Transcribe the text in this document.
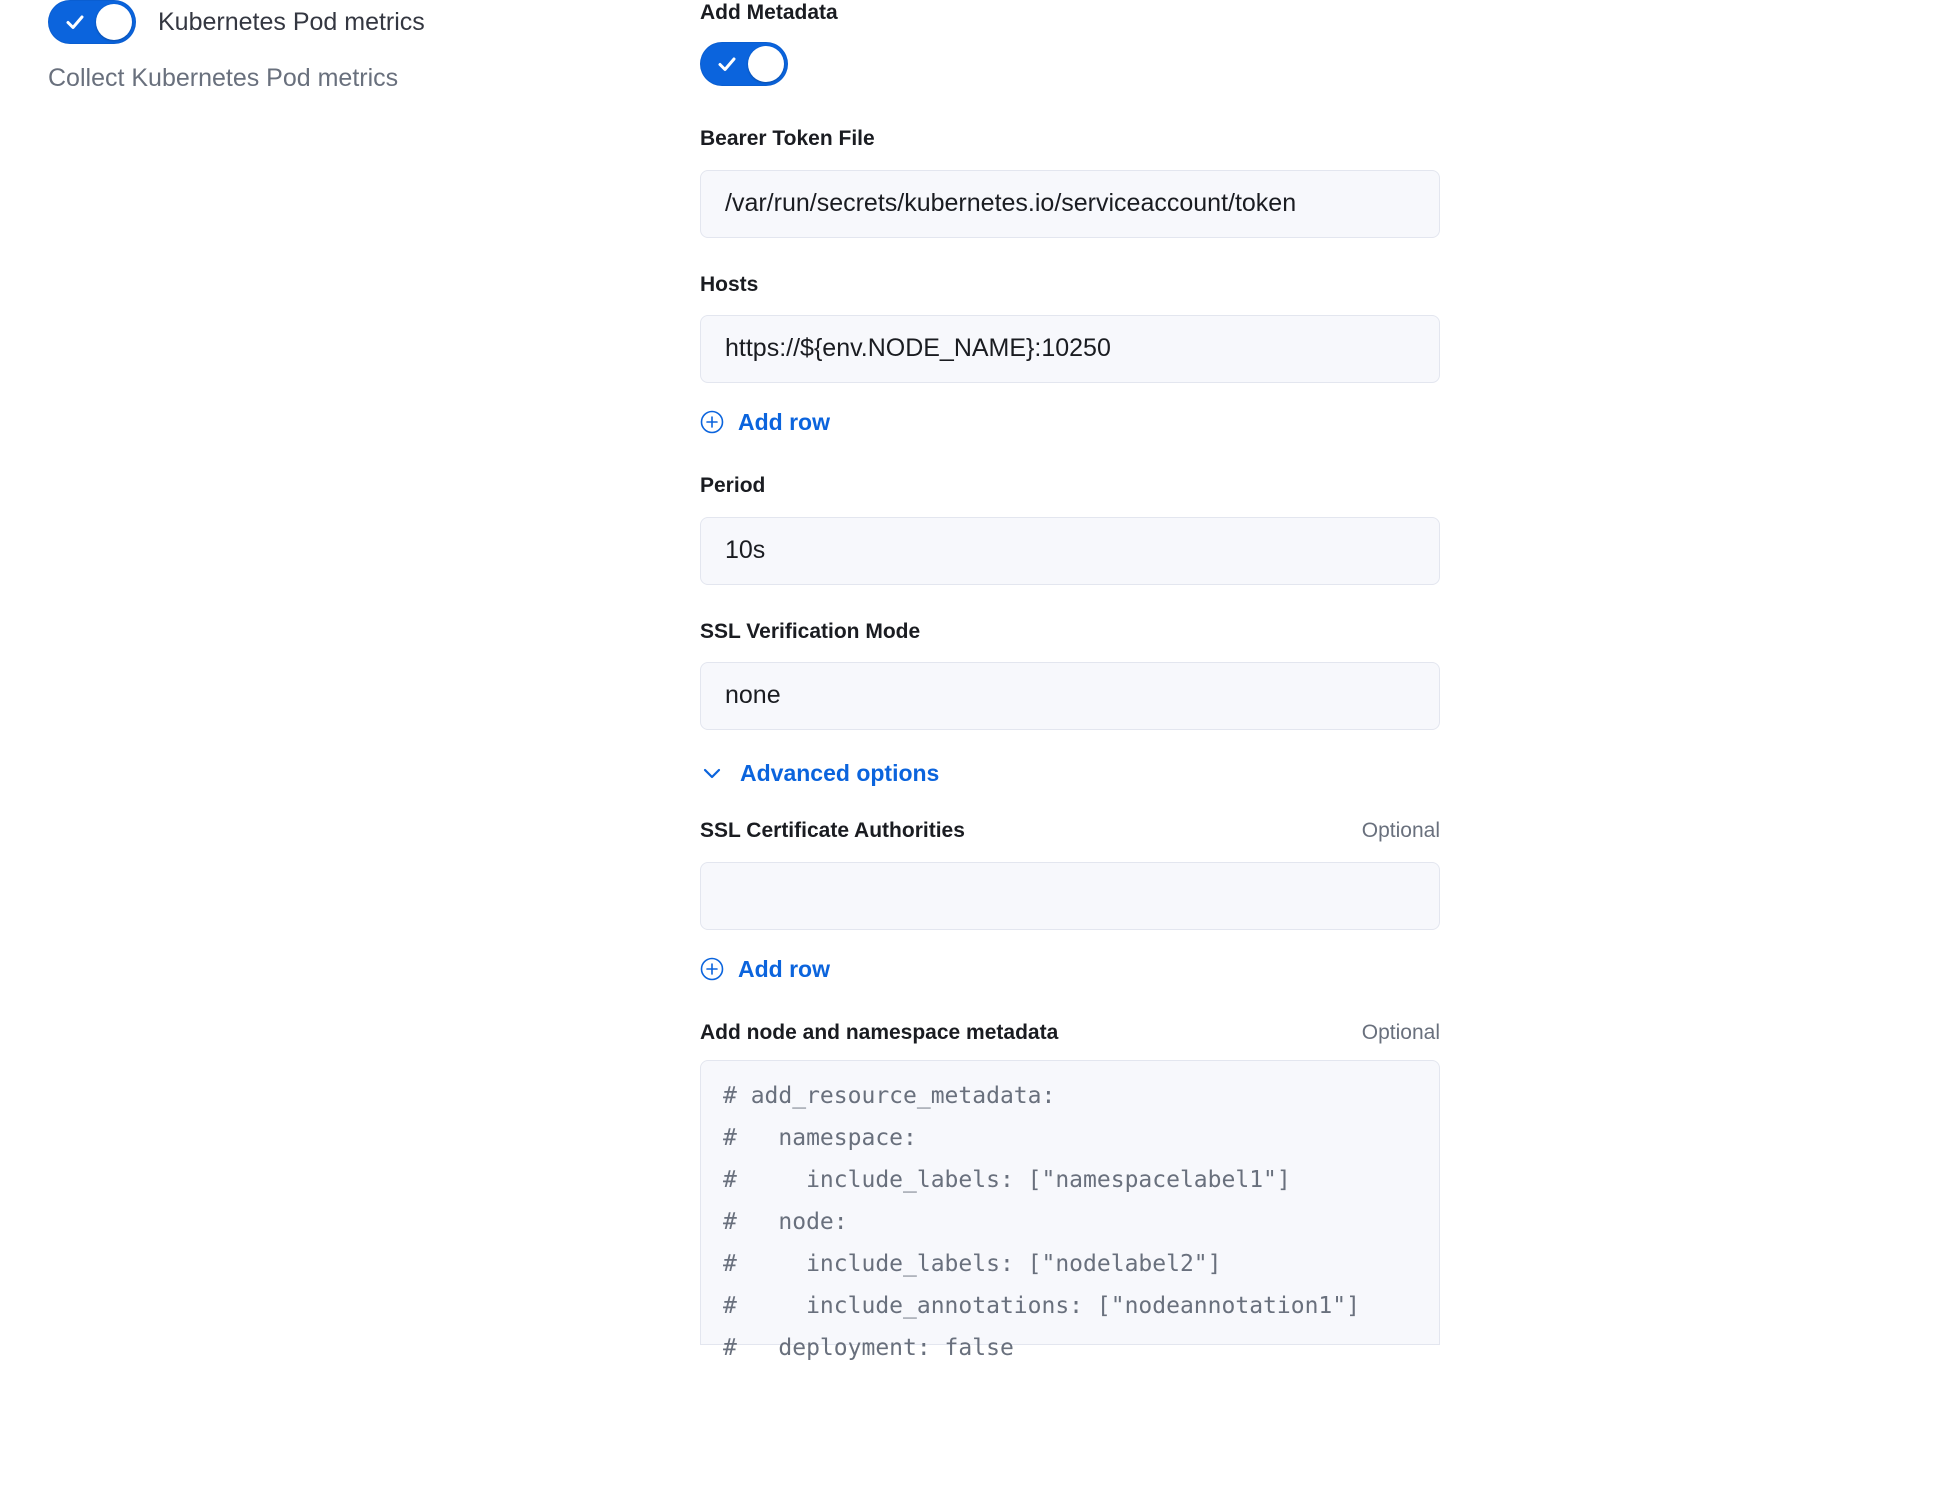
Kubernetes Pod metrics
Collect Kubernetes Pod metrics
Add Metadata
Bearer Token File
/var/run/secrets/kubernetes.io/serviceaccount/token
Hosts
https://${env.NODE_NAME}:10250
Add row
Period
10s
SSL Verification Mode
none
Advanced options
SSL Certificate Authorities	Optional
Add row
Add node and namespace metadata	Optional
# add_resource_metadata:
#   namespace:
#     include_labels: ["namespacelabel1"]
#   node:
#     include_labels: ["nodelabel2"]
#     include_annotations: ["nodeannotation1"]
#   deployment: false
